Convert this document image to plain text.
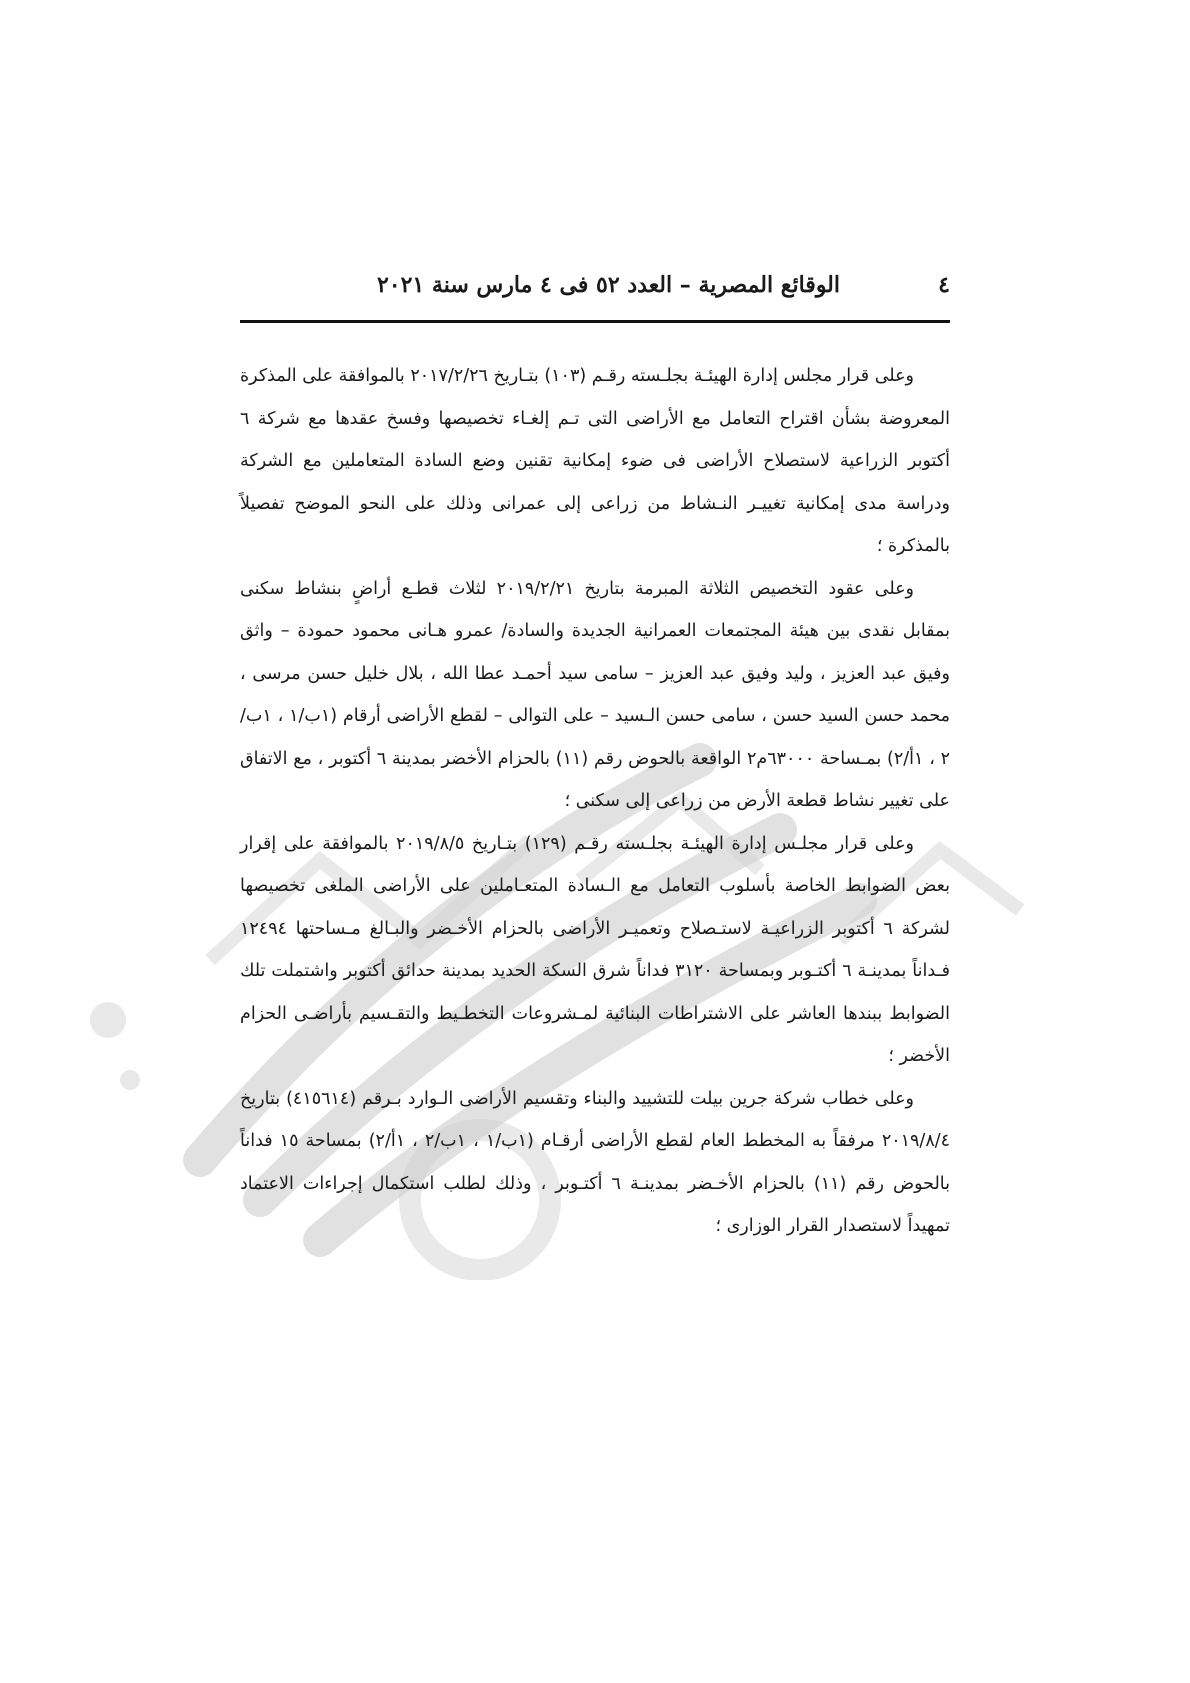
الوقائع المصرية – العدد ٥٢ فى ٤ مارس سنة ٢٠٢١	٤

وعلى قرار مجلس إدارة الهيئـة بجلـسته رقـم (١٠٣) بتـاريخ ٢٠١٧/٢/٢٦ بالموافقة على المذكرة المعروضة بشأن اقتراح التعامل مع الأراضى التى تـم إلغـاء تخصيصها وفسخ عقدها مع شركة ٦ أكتوبر الزراعية لاستصلاح الأراضى فى ضوء إمكانية تقنين وضع السادة المتعاملين مع الشركة ودراسة مدى إمكانية تغييـر النـشاط من زراعى إلى عمرانى وذلك على النحو الموضح تفصيلاً بالمذكرة ؛

وعلى عقود التخصيص الثلاثة المبرمة بتاريخ ٢٠١٩/٢/٢١ لثلاث قطـع أراضٍ بنشاط سكنى بمقابل نقدى بين هيئة المجتمعات العمرانية الجديدة والسادة/ عمرو هـانى محمود حمودة – واثق وفيق عبد العزيز ، وليد وفيق عبد العزيز – سامى سيد أحمـد عطا الله ، بلال خليل حسن مرسى ، محمد حسن السيد حسن ، سامى حسن الـسيد – على التوالى – لقطع الأراضى أرقام (١ب/١ ، ١ب/٢ ، ١أ/٢) بمـساحة ٦٣٠٠٠م٢ الواقعة بالحوض رقم (١١) بالحزام الأخضر بمدينة ٦ أكتوبر ، مع الاتفاق على تغيير نشاط قطعة الأرض من زراعى إلى سكنى ؛

وعلى قرار مجلـس إدارة الهيئـة بجلـسته رقـم (١٢٩) بتـاريخ ٢٠١٩/٨/٥ بالموافقة على إقرار بعض الضوابط الخاصة بأسلوب التعامل مع الـسادة المتعـاملين على الأراضى الملغى تخصيصها لشركة ٦ أكتوبر الزراعيـة لاستـصلاح وتعميـر الأراضى بالحزام الأخـضر والبـالغ مـساحتها ١٢٤٩٤ فـداناً بمدينـة ٦ أكتـوبر وبمساحة ٣١٢٠ فداناً شرق السكة الحديد بمدينة حدائق أكتوبر واشتملت تلك الضوابط ببندها العاشر على الاشتراطات البنائية لمـشروعات التخطـيط والتقـسيم بأراضـى الحزام الأخضر ؛

وعلى خطاب شركة جرين بيلت للتشييد والبناء وتقسيم الأراضى الـوارد بـرقم (٤١٥٦١٤) بتاريخ ٢٠١٩/٨/٤ مرفقاً به المخطط العام لقطع الأراضى أرقـام (١ب/١ ، ١ب/٢ ، ١أ/٢) بمساحة ١٥ فداناً بالحوض رقم (١١) بالحزام الأخـضر بمدينـة ٦ أكتـوبر ، وذلك لطلب استكمال إجراءات الاعتماد تمهيداً لاستصدار القرار الوزارى ؛
